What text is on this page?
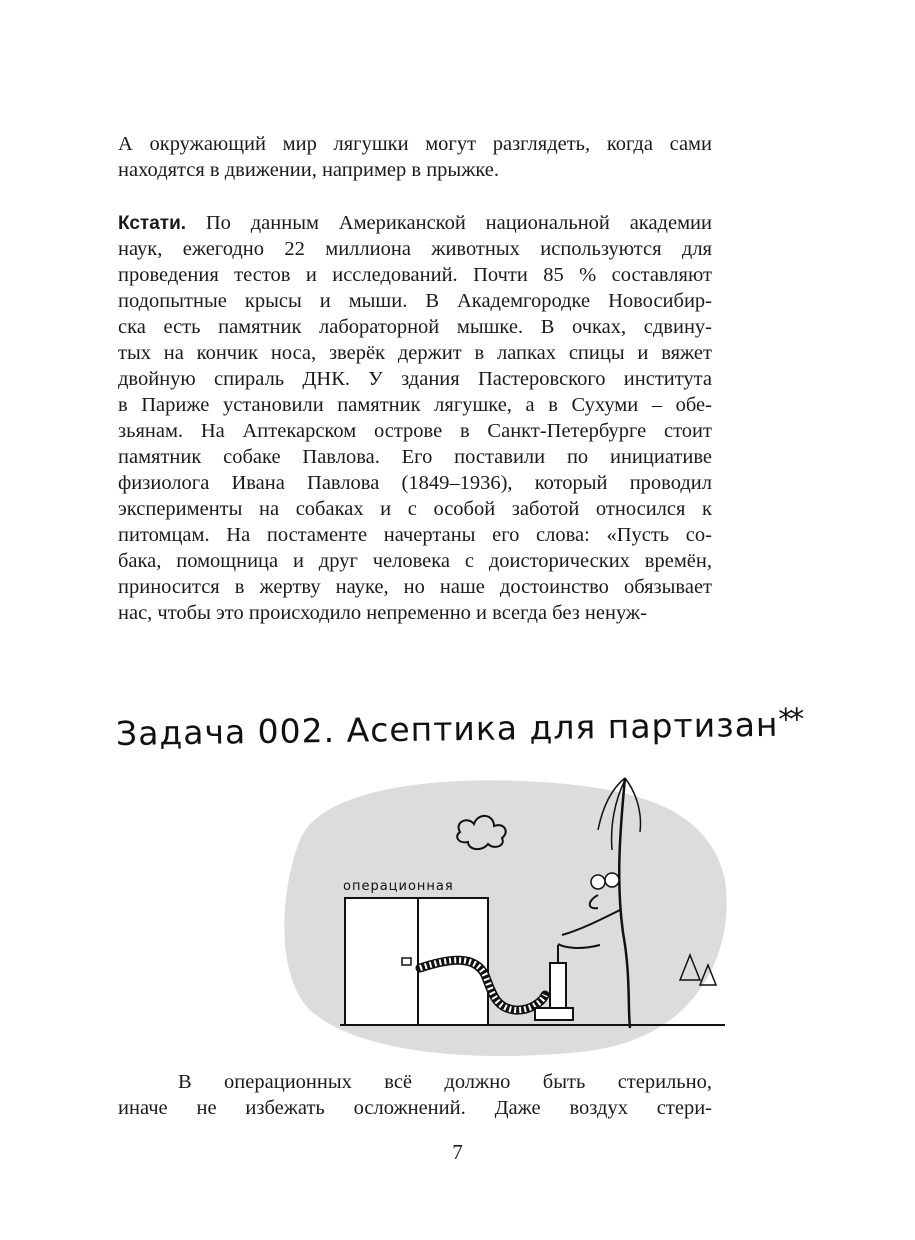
А окружающий мир лягушки могут разглядеть, когда сами
находятся в движении, например в прыжке.
Кстати. По данным Американской национальной академии
наук, ежегодно 22 миллиона животных используются для
проведения тестов и исследований. Почти 85 % составляют
подопытные крысы и мыши. В Академгородке Новосибир-
ска есть памятник лабораторной мышке. В очках, сдвину-
тых на кончик носа, зверёк держит в лапках спицы и вяжет
двойную спираль ДНК. У здания Пастеровского института
в Париже установили памятник лягушке, а в Сухуми – обе-
зьянам. На Аптекарском острове в Санкт-Петербурге стоит
памятник собаке Павлова. Его поставили по инициативе
физиолога Ивана Павлова (1849–1936), который проводил
эксперименты на собаках и с особой заботой относился к
питомцам. На постаменте начертаны его слова: «Пусть со-
бака, помощница и друг человека с доисторических времён,
приносится в жертву науке, но наше достоинство обязывает
нас, чтобы это происходило непременно и всегда без ненуж-
Задача 002. Асептика для партизан**
операционная
В операционных всё должно быть стерильно,
иначе не избежать осложнений. Даже воздух стери-
7
